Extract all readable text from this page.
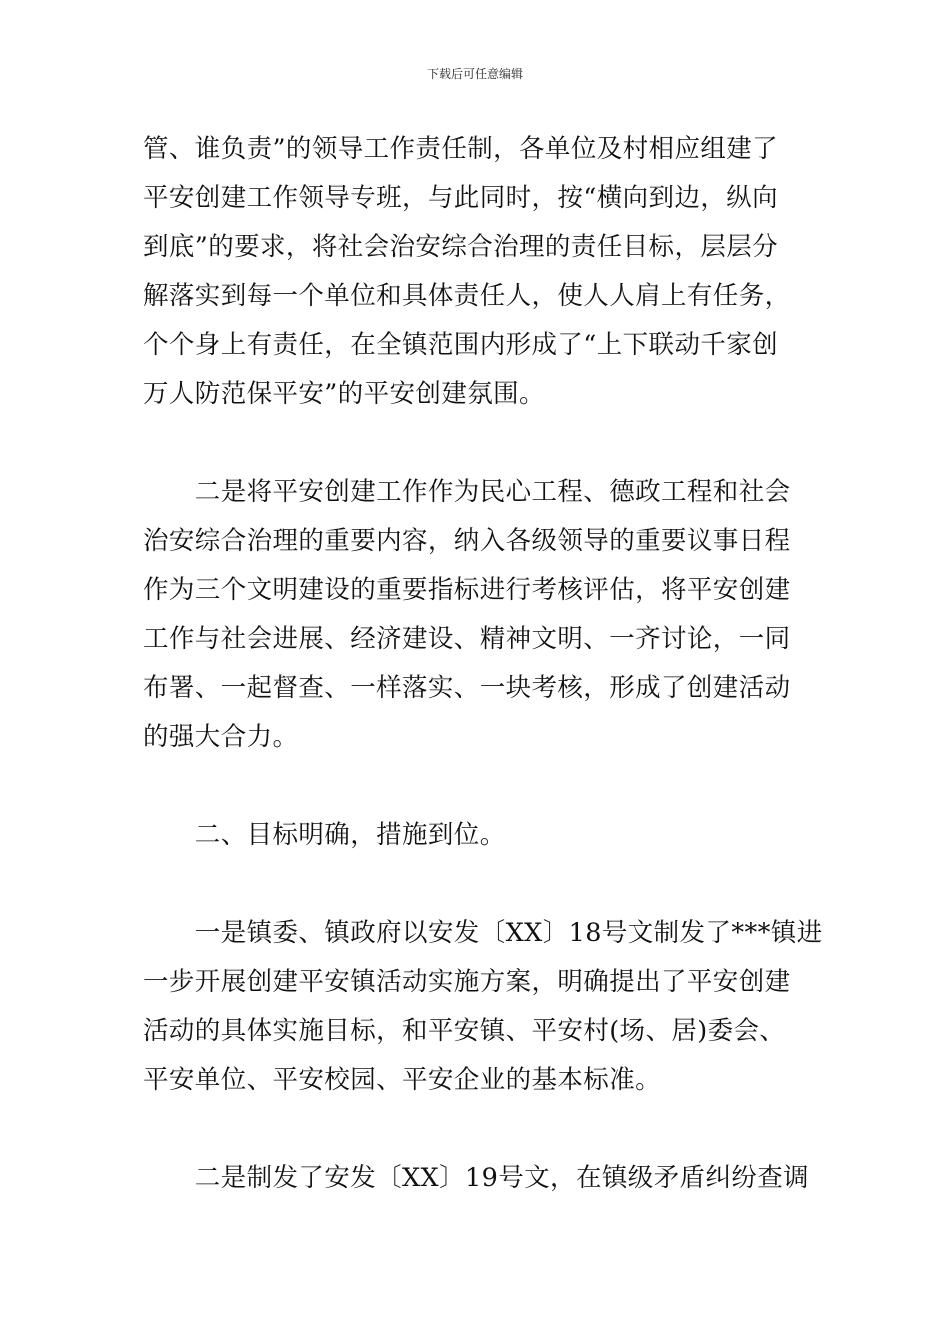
下载后可任意编辑
管、谁负责”的领导工作责任制，各单位及村相应组建了
平安创建工作领导专班，与此同时，按“横向到边，纵向
到底”的要求，将社会治安综合治理的责任目标，层层分
解落实到每一个单位和具体责任人，使人人肩上有任务，
个个身上有责任，在全镇范围内形成了“上下联动千家创
万人防范保平安”的平安创建氛围。
　　二是将平安创建工作作为民心工程、德政工程和社会
治安综合治理的重要内容，纳入各级领导的重要议事日程
作为三个文明建设的重要指标进行考核评估，将平安创建
工作与社会进展、经济建设、精神文明、一齐讨论，一同
布署、一起督查、一样落实、一块考核，形成了创建活动
的强大合力。
　　二、目标明确，措施到位。
　　一是镇委、镇政府以安发〔XX〕18号文制发了***镇进
一步开展创建平安镇活动实施方案，明确提出了平安创建
活动的具体实施目标，和平安镇、平安村(场、居)委会、
平安单位、平安校园、平安企业的基本标准。
　　二是制发了安发〔XX〕19号文，在镇级矛盾纠纷查调
